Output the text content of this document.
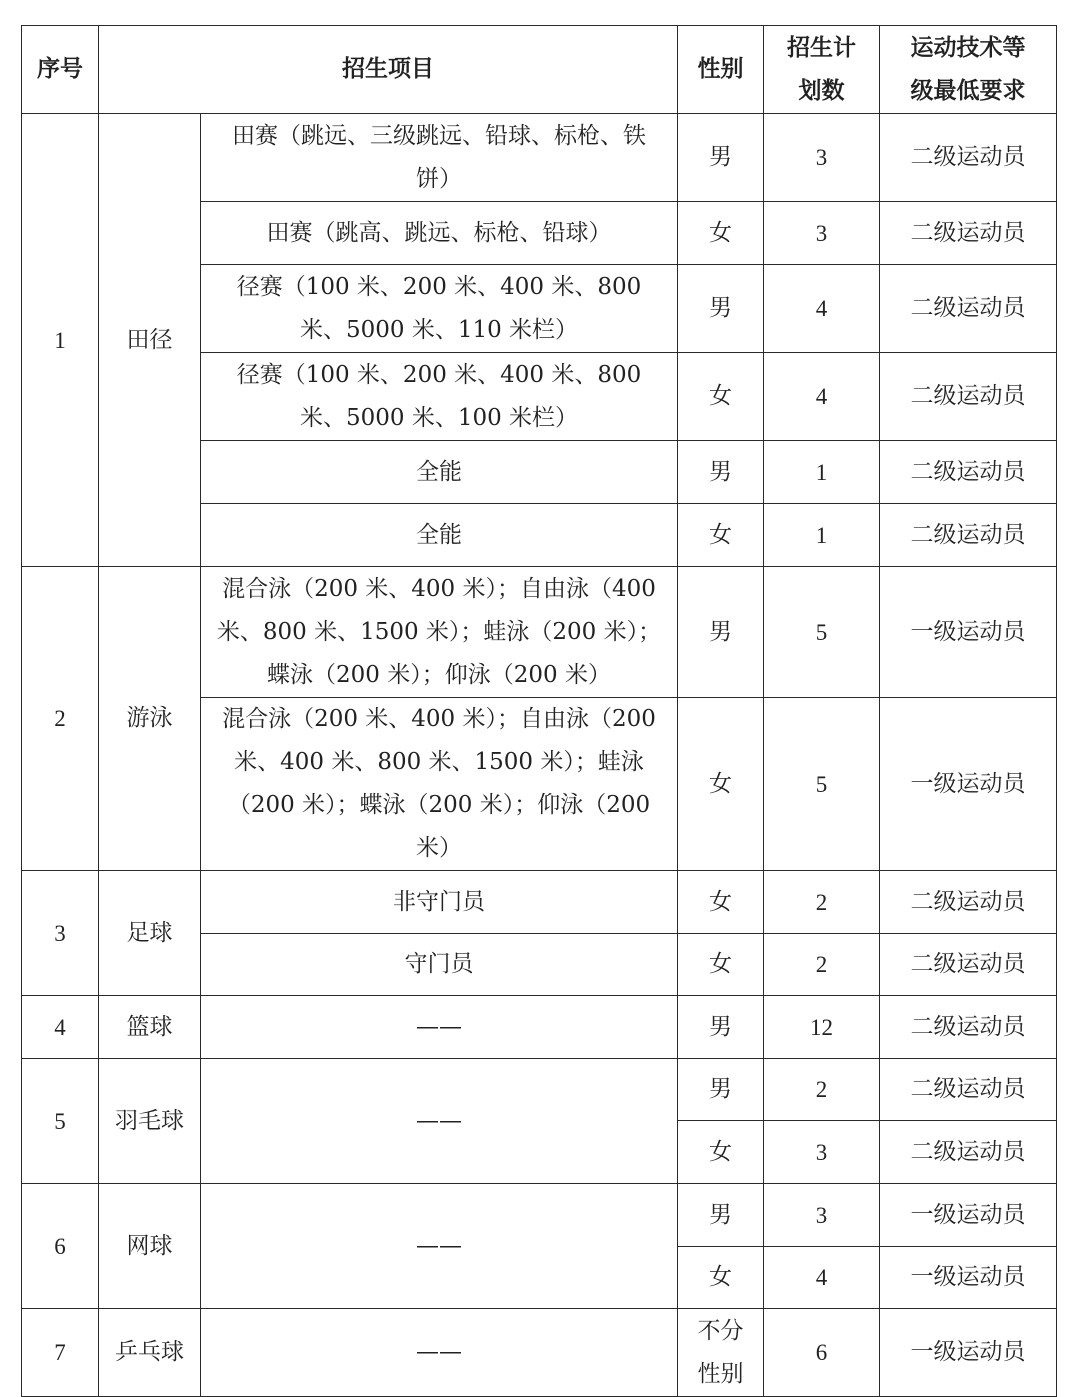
序号	招生项目		性别	招生计划数	运动技术等级最低要求
1	田径	田赛（跳远、三级跳远、铅球、标枪、铁饼）	男	3	二级运动员
		田赛（跳高、跳远、标枪、铅球）	女	3	二级运动员
		径赛（100 米、200 米、400 米、800 米、5000 米、110 米栏）	男	4	二级运动员
		径赛（100 米、200 米、400 米、800 米、5000 米、100 米栏）	女	4	二级运动员
		全能	男	1	二级运动员
		全能	女	1	二级运动员
2	游泳	混合泳（200 米、400 米）；自由泳（400 米、800 米、1500 米）；蛙泳（200 米）；蝶泳（200 米）；仰泳（200 米）	男	5	一级运动员
		混合泳（200 米、400 米）；自由泳（200 米、400 米、800 米、1500 米）；蛙泳（200 米）；蝶泳（200 米）；仰泳（200 米）	女	5	一级运动员
3	足球	非守门员	女	2	二级运动员
		守门员	女	2	二级运动员
4	篮球	——	男	12	二级运动员
5	羽毛球	——	男	2	二级运动员
			女	3	二级运动员
6	网球	——	男	3	一级运动员
			女	4	一级运动员
7	乒乓球	——	不分性别	6	一级运动员
